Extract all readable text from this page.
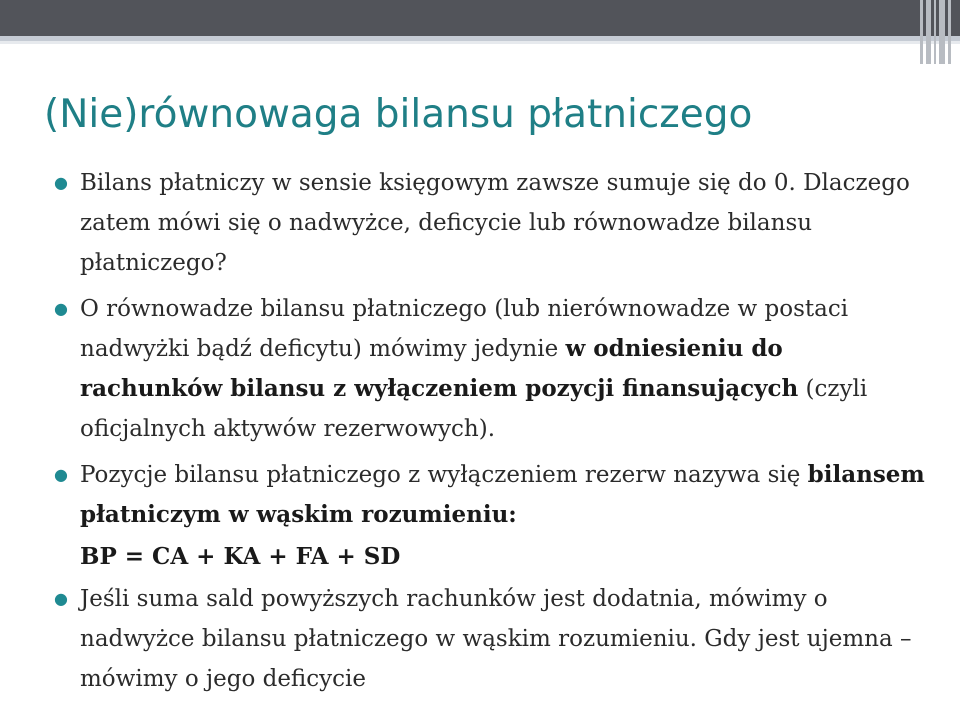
(Nie)równowaga bilansu płatniczego

● Bilans płatniczy w sensie księgowym zawsze sumuje się do 0. Dlaczego zatem mówi się o nadwyżce, deficycie lub równowadze bilansu płatniczego?

● O równowadze bilansu płatniczego (lub nierównowadze w postaci nadwyżki bądź deficytu) mówimy jedynie w odniesieniu do rachunków bilansu z wyłączeniem pozycji finansujących (czyli oficjalnych aktywów rezerwowych).

● Pozycje bilansu płatniczego z wyłączeniem rezerw nazywa się bilansem płatniczym w wąskim rozumieniu:

BP = CA + KA + FA + SD

● Jeśli suma sald powyższych rachunków jest dodatnia, mówimy o nadwyżce bilansu płatniczego w wąskim rozumieniu. Gdy jest ujemna – mówimy o jego deficycie
